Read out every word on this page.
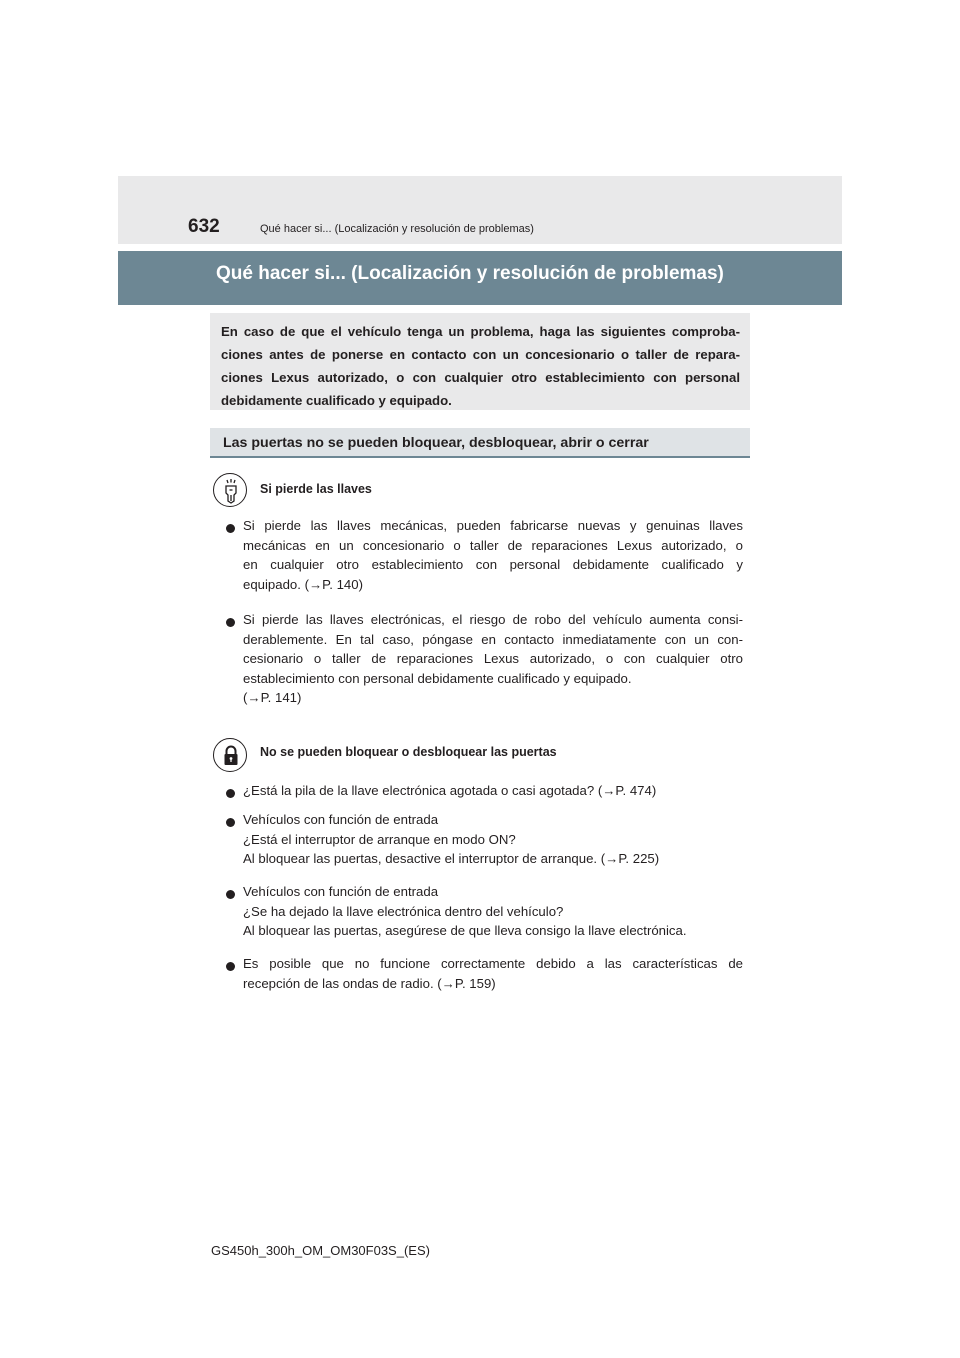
632	Qué hacer si... (Localización y resolución de problemas)
Qué hacer si... (Localización y resolución de problemas)
En caso de que el vehículo tenga un problema, haga las siguientes comproba-
ciones antes de ponerse en contacto con un concesionario o taller de repara-
ciones Lexus autorizado, o con cualquier otro establecimiento con personal
debidamente cualificado y equipado.
Las puertas no se pueden bloquear, desbloquear, abrir o cerrar
Si pierde las llaves
Si pierde las llaves mecánicas, pueden fabricarse nuevas y genuinas llaves
mecánicas en un concesionario o taller de reparaciones Lexus autorizado, o
en cualquier otro establecimiento con personal debidamente cualificado y
equipado. (→P. 140)
Si pierde las llaves electrónicas, el riesgo de robo del vehículo aumenta consi-
derablemente. En tal caso, póngase en contacto inmediatamente con un con-
cesionario o taller de reparaciones Lexus autorizado, o con cualquier otro
establecimiento con personal debidamente cualificado y equipado.
(→P. 141)
No se pueden bloquear o desbloquear las puertas
¿Está la pila de la llave electrónica agotada o casi agotada? (→P. 474)
Vehículos con función de entrada
¿Está el interruptor de arranque en modo ON?
Al bloquear las puertas, desactive el interruptor de arranque. (→P. 225)
Vehículos con función de entrada
¿Se ha dejado la llave electrónica dentro del vehículo?
Al bloquear las puertas, asegúrese de que lleva consigo la llave electrónica.
Es posible que no funcione correctamente debido a las características de
recepción de las ondas de radio. (→P. 159)
GS450h_300h_OM_OM30F03S_(ES)
